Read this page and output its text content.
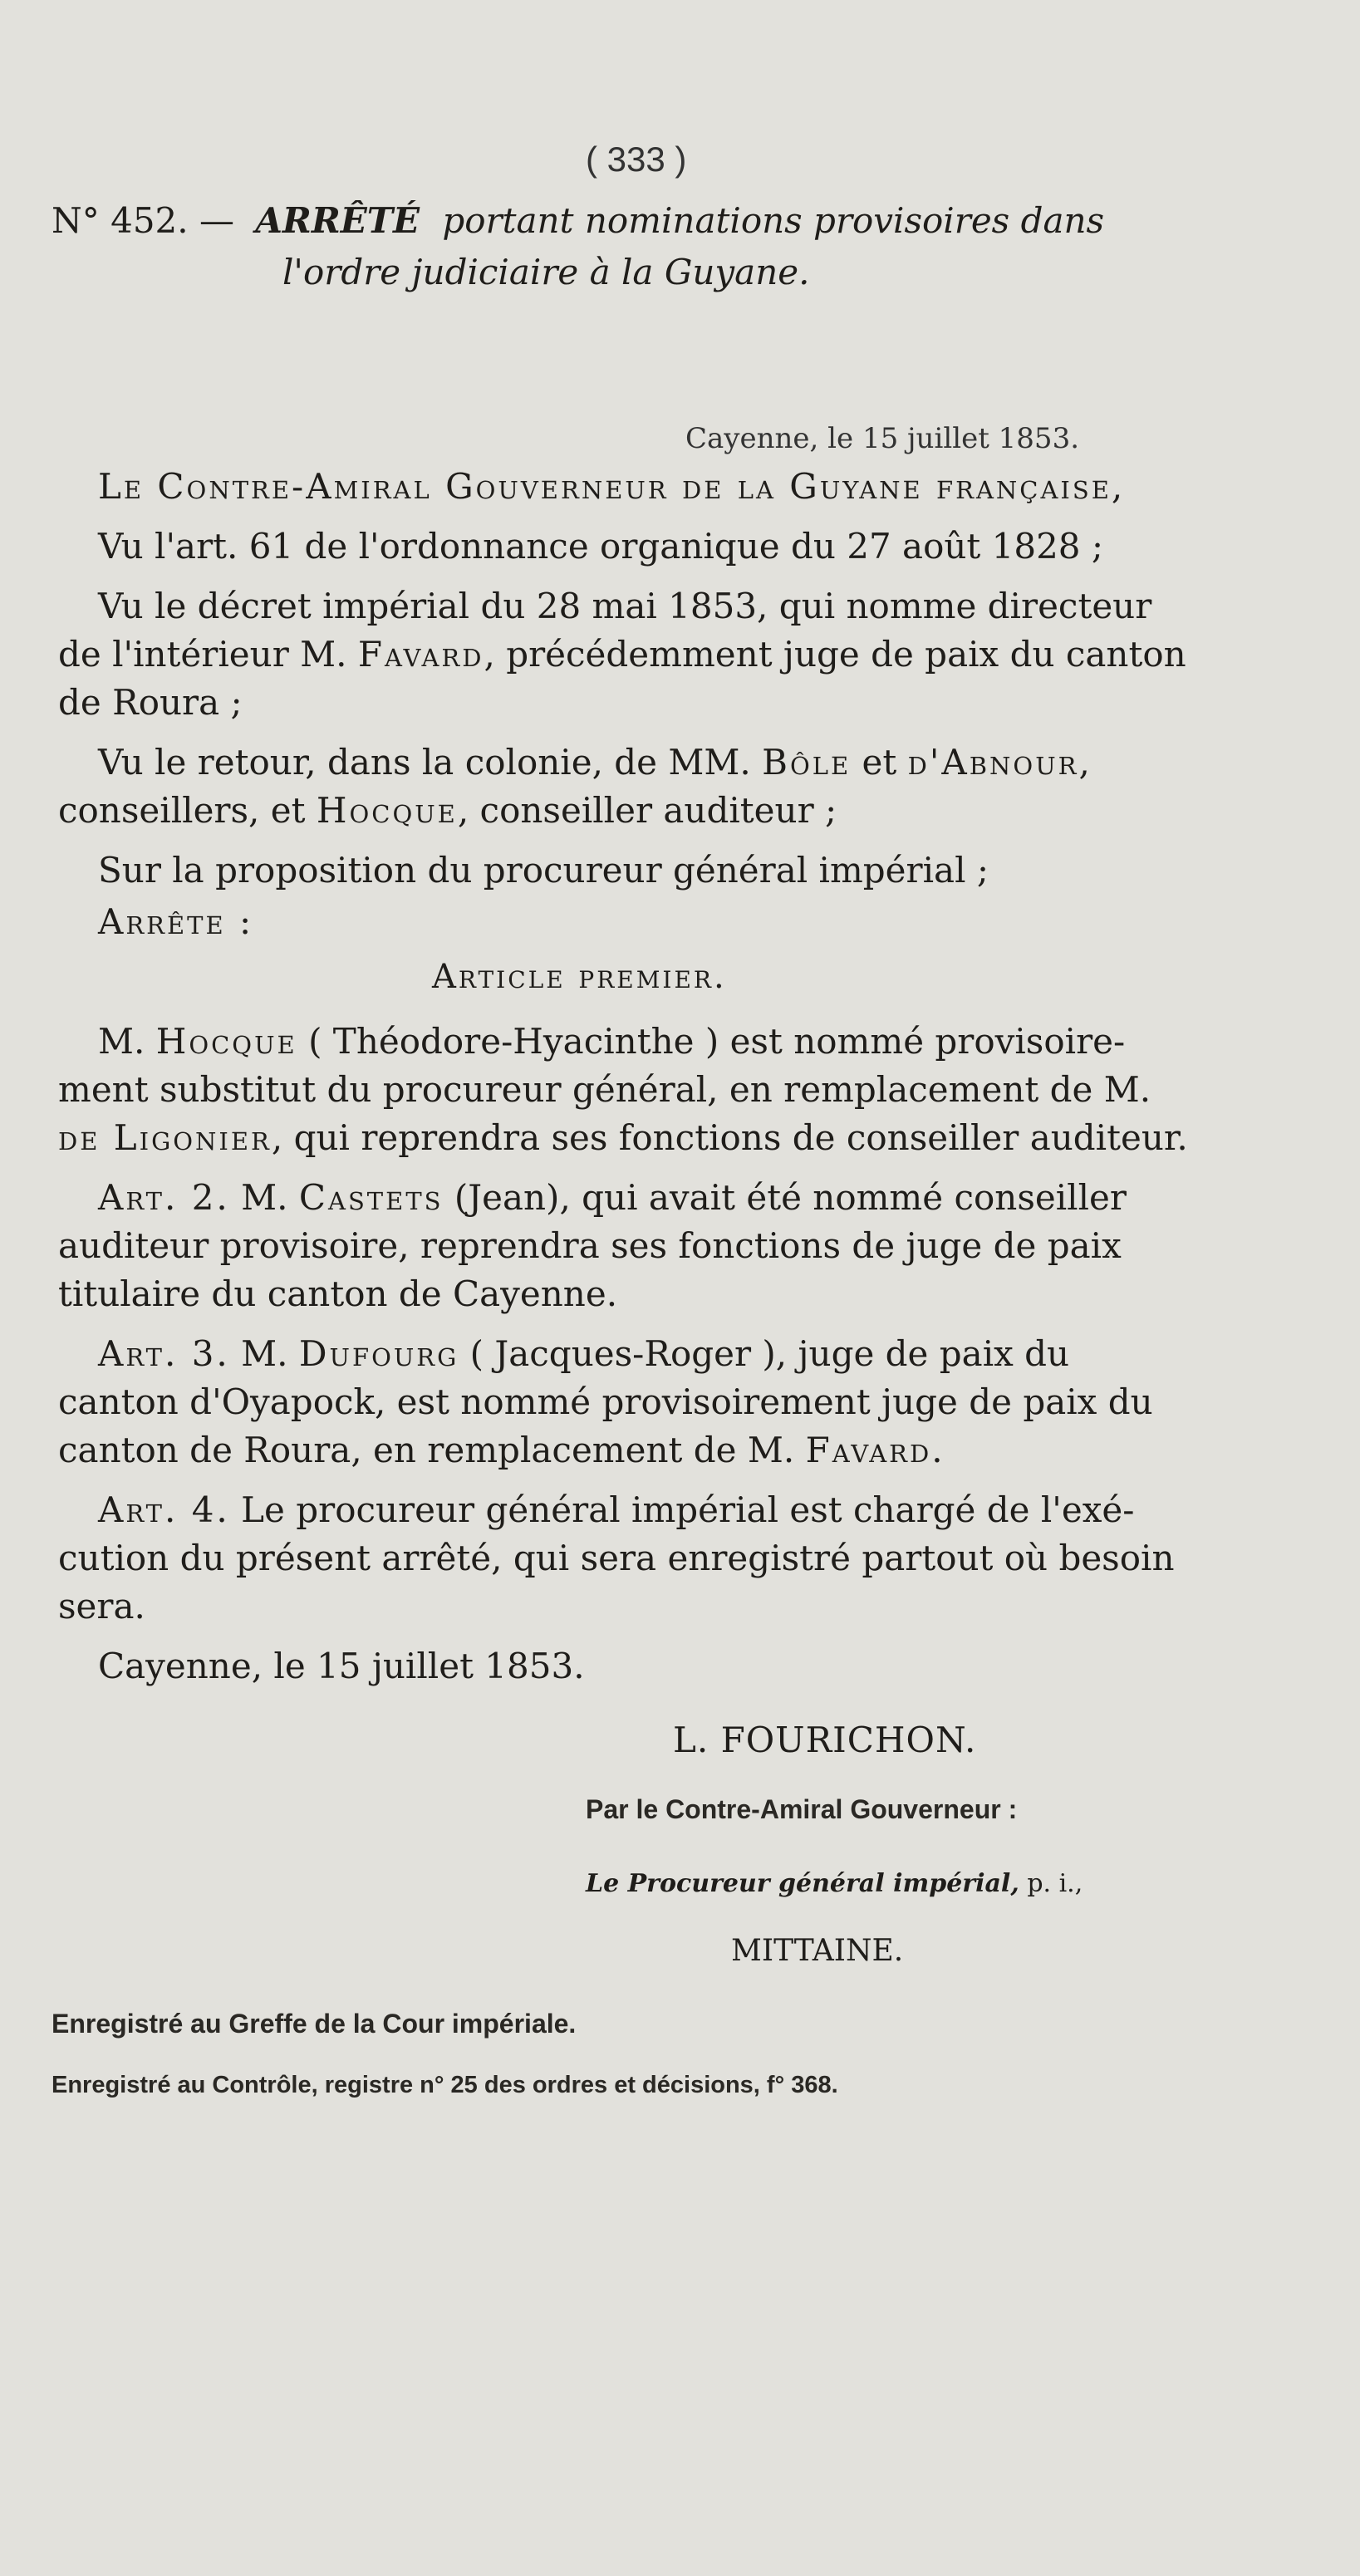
( 333 )
N° 452. — ARRÊTÉ portant nominations provisoires dans
l'ordre judiciaire à la Guyane.
Cayenne, le 15 juillet 1853.
Le Contre-Amiral Gouverneur de la Guyane française,
Vu l'art. 61 de l'ordonnance organique du 27 août 1828 ;
Vu le décret impérial du 28 mai 1853, qui nomme directeur
de l'intérieur M. Favard, précédemment juge de paix du canton
de Roura ;
Vu le retour, dans la colonie, de MM. Bôle et d'Abnour,
conseillers, et Hocque, conseiller auditeur ;
Sur la proposition du procureur général impérial ;
Arrête :
Article premier.
M. Hocque ( Théodore-Hyacinthe ) est nommé provisoire-
ment substitut du procureur général, en remplacement de M.
de Ligonier, qui reprendra ses fonctions de conseiller auditeur.
Art. 2. M. Castets (Jean), qui avait été nommé conseiller
auditeur provisoire, reprendra ses fonctions de juge de paix
titulaire du canton de Cayenne.
Art. 3. M. Dufourg ( Jacques-Roger ), juge de paix du
canton d'Oyapock, est nommé provisoirement juge de paix du
canton de Roura, en remplacement de M. Favard.
Art. 4. Le procureur général impérial est chargé de l'exé-
cution du présent arrêté, qui sera enregistré partout où besoin
sera.
Cayenne, le 15 juillet 1853.
L. FOURICHON.
Par le Contre-Amiral Gouverneur :
Le Procureur général impérial, p. i.,
MITTAINE.
Enregistré au Greffe de la Cour impériale.
Enregistré au Contrôle, registre n° 25 des ordres et décisions, f° 368.
